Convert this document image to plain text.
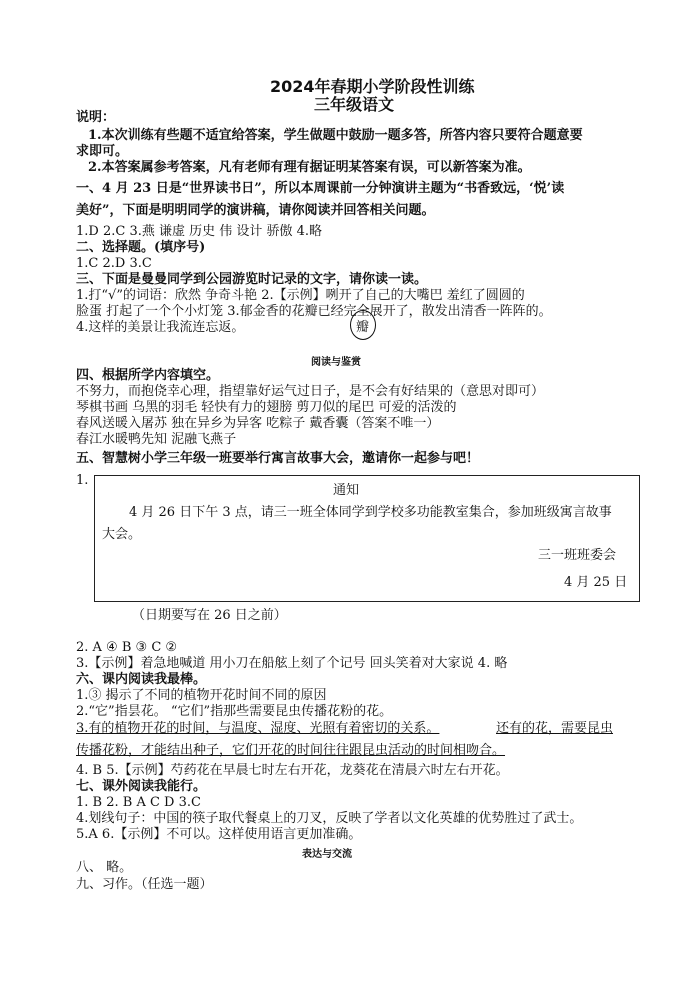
2024年春期小学阶段性训练
三年级语文
说明：
1.本次训练有些题不适宜给答案，学生做题中鼓励一题多答，所答内容只要符合题意要
求即可。
2.本答案属参考答案，凡有老师有理有据证明某答案有误，可以新答案为准。
一、4 月 23 日是“世界读书日”，所以本周课前一分钟演讲主题为“书香致远，‘悦’读
美好”，下面是明明同学的演讲稿，请你阅读并回答相关问题。
1.D 2.C 3.燕 谦虚 历史 伟 设计 骄傲 4.略
二、选择题。(填序号)
1.C 2.D 3.C
三、下面是曼曼同学到公园游览时记录的文字，请你读一读。
1.打“√”的词语：欣然 争奇斗艳 2.【示例】咧开了自己的大嘴巴 羞红了圆圆的
脸蛋 打起了一个个小灯笼 3.郁金香的花瓣已经完全展开了，散发出清香一阵阵的。
4.这样的美景让我流连忘返。	瓣
阅读与鉴赏
四、根据所学内容填空。
不努力，而抱侥幸心理，指望靠好运气过日子，是不会有好结果的（意思对即可）
琴棋书画 乌黑的羽毛 轻快有力的翅膀 剪刀似的尾巴 可爱的活泼的
春风送暖入屠苏 独在异乡为异客 吃粽子 戴香囊（答案不唯一）
春江水暖鸭先知 泥融飞燕子
五、智慧树小学三年级一班要举行寓言故事大会，邀请你一起参与吧！
1.
通知
4 月 26 日下午 3 点，请三一班全体同学到学校多功能教室集合，参加班级寓言故事
大会。
三一班班委会
4 月 25 日
（日期要写在 26 日之前）
2. A ④ B ③ C ②
3.【示例】着急地喊道 用小刀在船舷上刻了个记号 回头笑着对大家说 4. 略
六、课内阅读我最棒。
1.③ 揭示了不同的植物开花时间不同的原因
2.“它”指昙花。 “它们”指那些需要昆虫传播花粉的花。
3.有的植物开花的时间，与温度、湿度、光照有着密切的关系。	还有的花，需要昆虫
传播花粉，才能结出种子，它们开花的时间往往跟昆虫活动的时间相吻合。
4. B 5.【示例】芍药花在早晨七时左右开花，龙葵花在清晨六时左右开花。
七、课外阅读我能行。
1. B 2. B A C D 3.C
4.划线句子：中国的筷子取代餐桌上的刀叉，反映了学者以文化英雄的优势胜过了武士。
5.A 6.【示例】不可以。这样使用语言更加准确。
表达与交流
八、 略。
九、习作。（任选一题）
